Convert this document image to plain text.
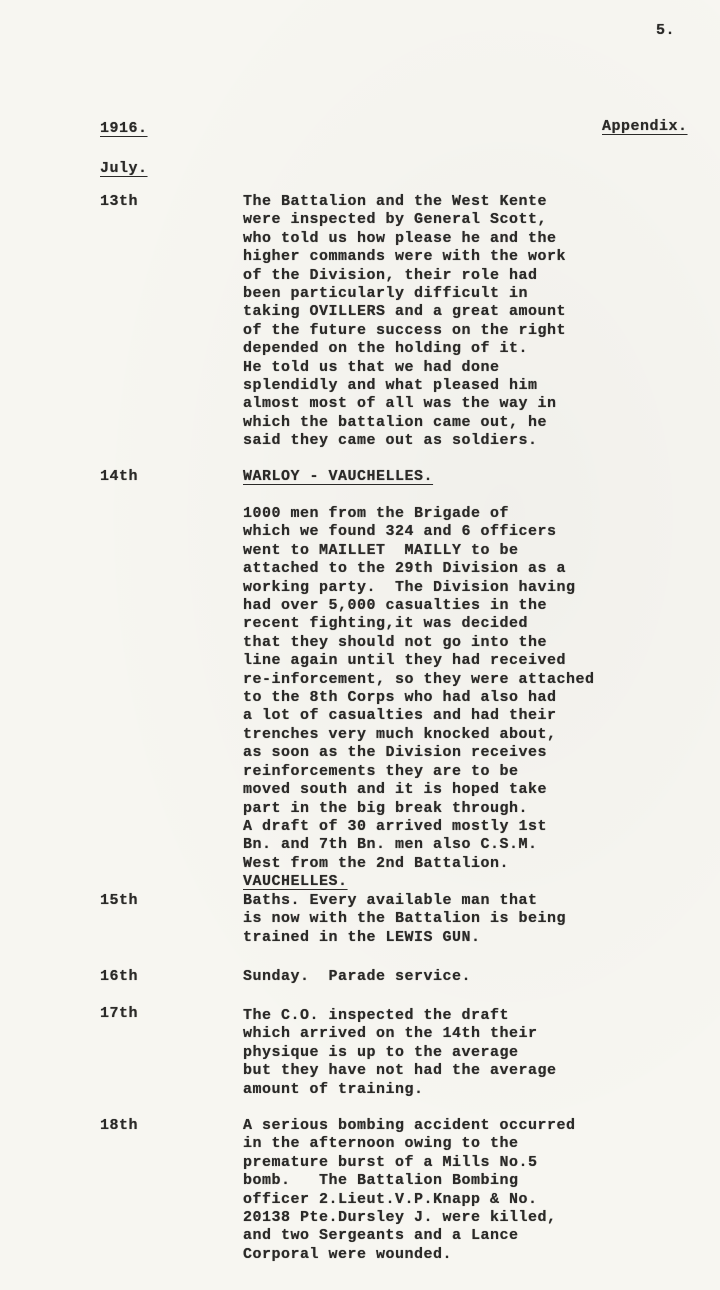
5.
1916.	Appendix.
July.
13th	The Battalion and the West Kente
were inspected by General Scott,
who told us how please he and the
higher commands were with the work
of the Division, their role had
been particularly difficult in
taking OVILLERS and a great amount
of the future success on the right
depended on the holding of it.
He told us that we had done
splendidly and what pleased him
almost most of all was the way in
which the battalion came out, he
said they came out as soldiers.
14th	WARLOY - VAUCHELLES.
1000 men from the Brigade of
which we found 324 and 6 officers
went to MAILLET  MAILLY to be
attached to the 29th Division as a
working party.  The Division having
had over 5,000 casualties in the
recent fighting,it was decided
that they should not go into the
line again until they had received
re-inforcement, so they were attached
to the 8th Corps who had also had
a lot of casualties and had their
trenches very much knocked about,
as soon as the Division receives
reinforcements they are to be
moved south and it is hoped take
part in the big break through.
A draft of 30 arrived mostly 1st
Bn. and 7th Bn. men also C.S.M.
West from the 2nd Battalion.
VAUCHELLES.
15th	Baths. Every available man that
is now with the Battalion is being
trained in the LEWIS GUN.
16th	Sunday.  Parade service.
17th	The C.O. inspected the draft
which arrived on the 14th their
physique is up to the average
but they have not had the average
amount of training.
18th	A serious bombing accident occurred
in the afternoon owing to the
premature burst of a Mills No.5
bomb.   The Battalion Bombing
officer 2.Lieut.V.P.Knapp & No.
20138 Pte.Dursley J. were killed,
and two Sergeants and a Lance
Corporal were wounded.
